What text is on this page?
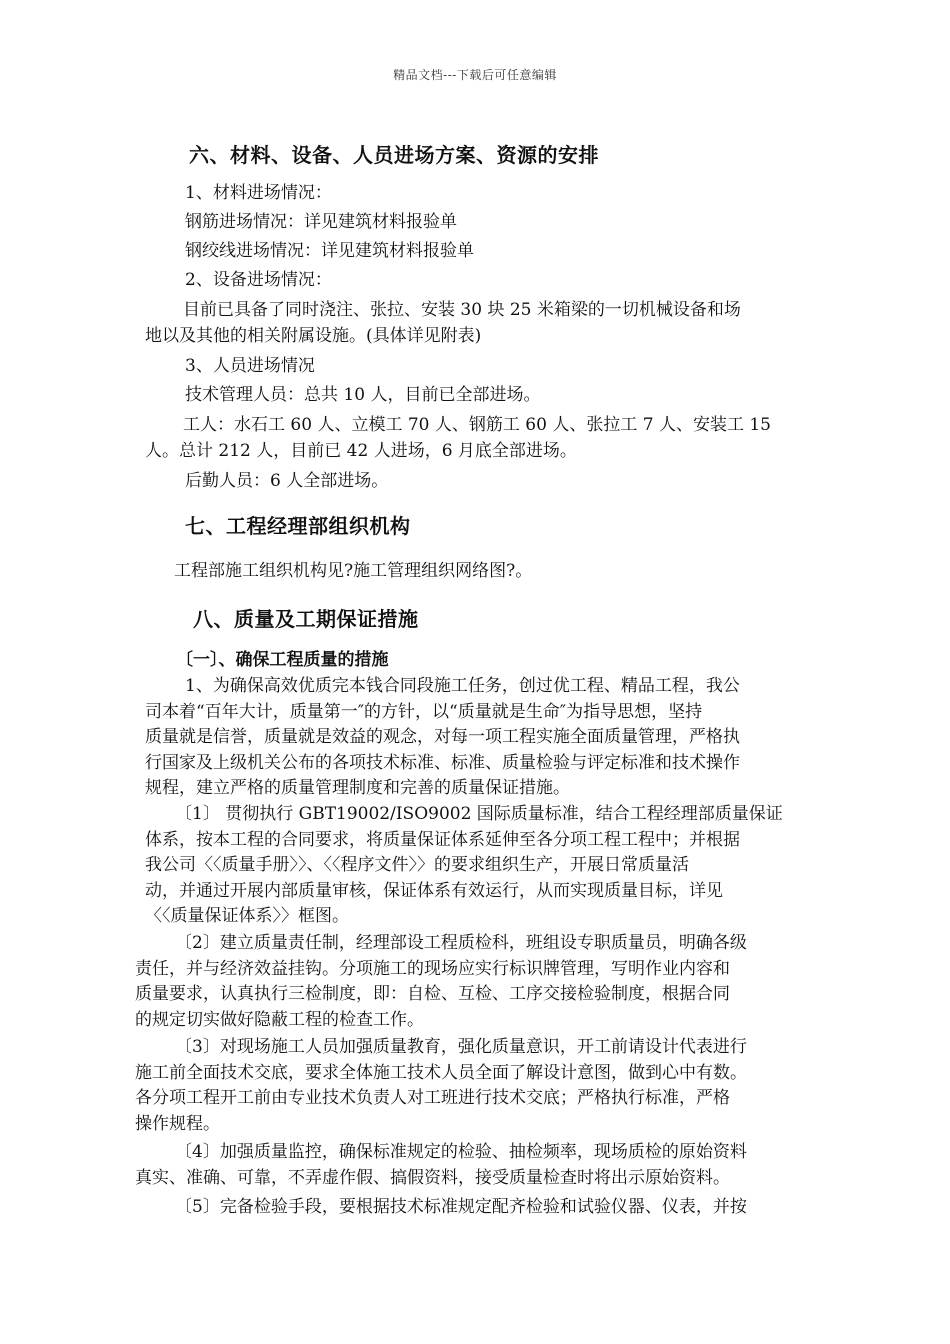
精品文档---下载后可任意编辑
六、材料、设备、人员进场方案、资源的安排
1、材料进场情况：
钢筋进场情况：详见建筑材料报验单
钢绞线进场情况：详见建筑材料报验单
2、设备进场情况：
目前已具备了同时浇注、张拉、安装 30 块 25 米箱梁的一切机械设备和场
地以及其他的相关附属设施。(具体详见附表)
3、人员进场情况
技术管理人员：总共 10 人，目前已全部进场。
工人：水石工 60 人、立模工 70 人、钢筋工 60 人、张拉工 7 人、安装工 15
人。总计 212 人，目前已 42 人进场，6 月底全部进场。
后勤人员：6 人全部进场。
七、工程经理部组织机构
工程部施工组织机构见?施工管理组织网络图?。
八、质量及工期保证措施
〔一〕、确保工程质量的措施
1、为确保高效优质完本钱合同段施工任务，创过优工程、精品工程，我公
司本着“百年大计，质量第一″的方针，以“质量就是生命″为指导思想，坚持
质量就是信誉，质量就是效益的观念，对每一项工程实施全面质量管理，严格执
行国家及上级机关公布的各项技术标准、标准、质量检验与评定标准和技术操作
规程，建立严格的质量管理制度和完善的质量保证措施。
〔1〕 贯彻执行 GBT19002/ISO9002 国际质量标准，结合工程经理部质量保证
体系，按本工程的合同要求，将质量保证体系延伸至各分项工程工程中；并根据
我公司〈〈质量手册〉〉、〈〈程序文件〉〉的要求组织生产，开展日常质量活
动，并通过开展内部质量审核，保证体系有效运行，从而实现质量目标，详见
〈〈质量保证体系〉〉框图。
〔2〕建立质量责任制，经理部设工程质检科，班组设专职质量员，明确各级
责任，并与经济效益挂钩。分项施工的现场应实行标识牌管理，写明作业内容和
质量要求，认真执行三检制度，即：自检、互检、工序交接检验制度，根据合同
的规定切实做好隐蔽工程的检查工作。
〔3〕对现场施工人员加强质量教育，强化质量意识，开工前请设计代表进行
施工前全面技术交底，要求全体施工技术人员全面了解设计意图，做到心中有数。
各分项工程开工前由专业技术负责人对工班进行技术交底；严格执行标准，严格
操作规程。
〔4〕加强质量监控，确保标准规定的检验、抽检频率，现场质检的原始资料
真实、准确、可靠，不弄虚作假、搞假资料，接受质量检查时将出示原始资料。
〔5〕完备检验手段，要根据技术标准规定配齐检验和试验仪器、仪表，并按
